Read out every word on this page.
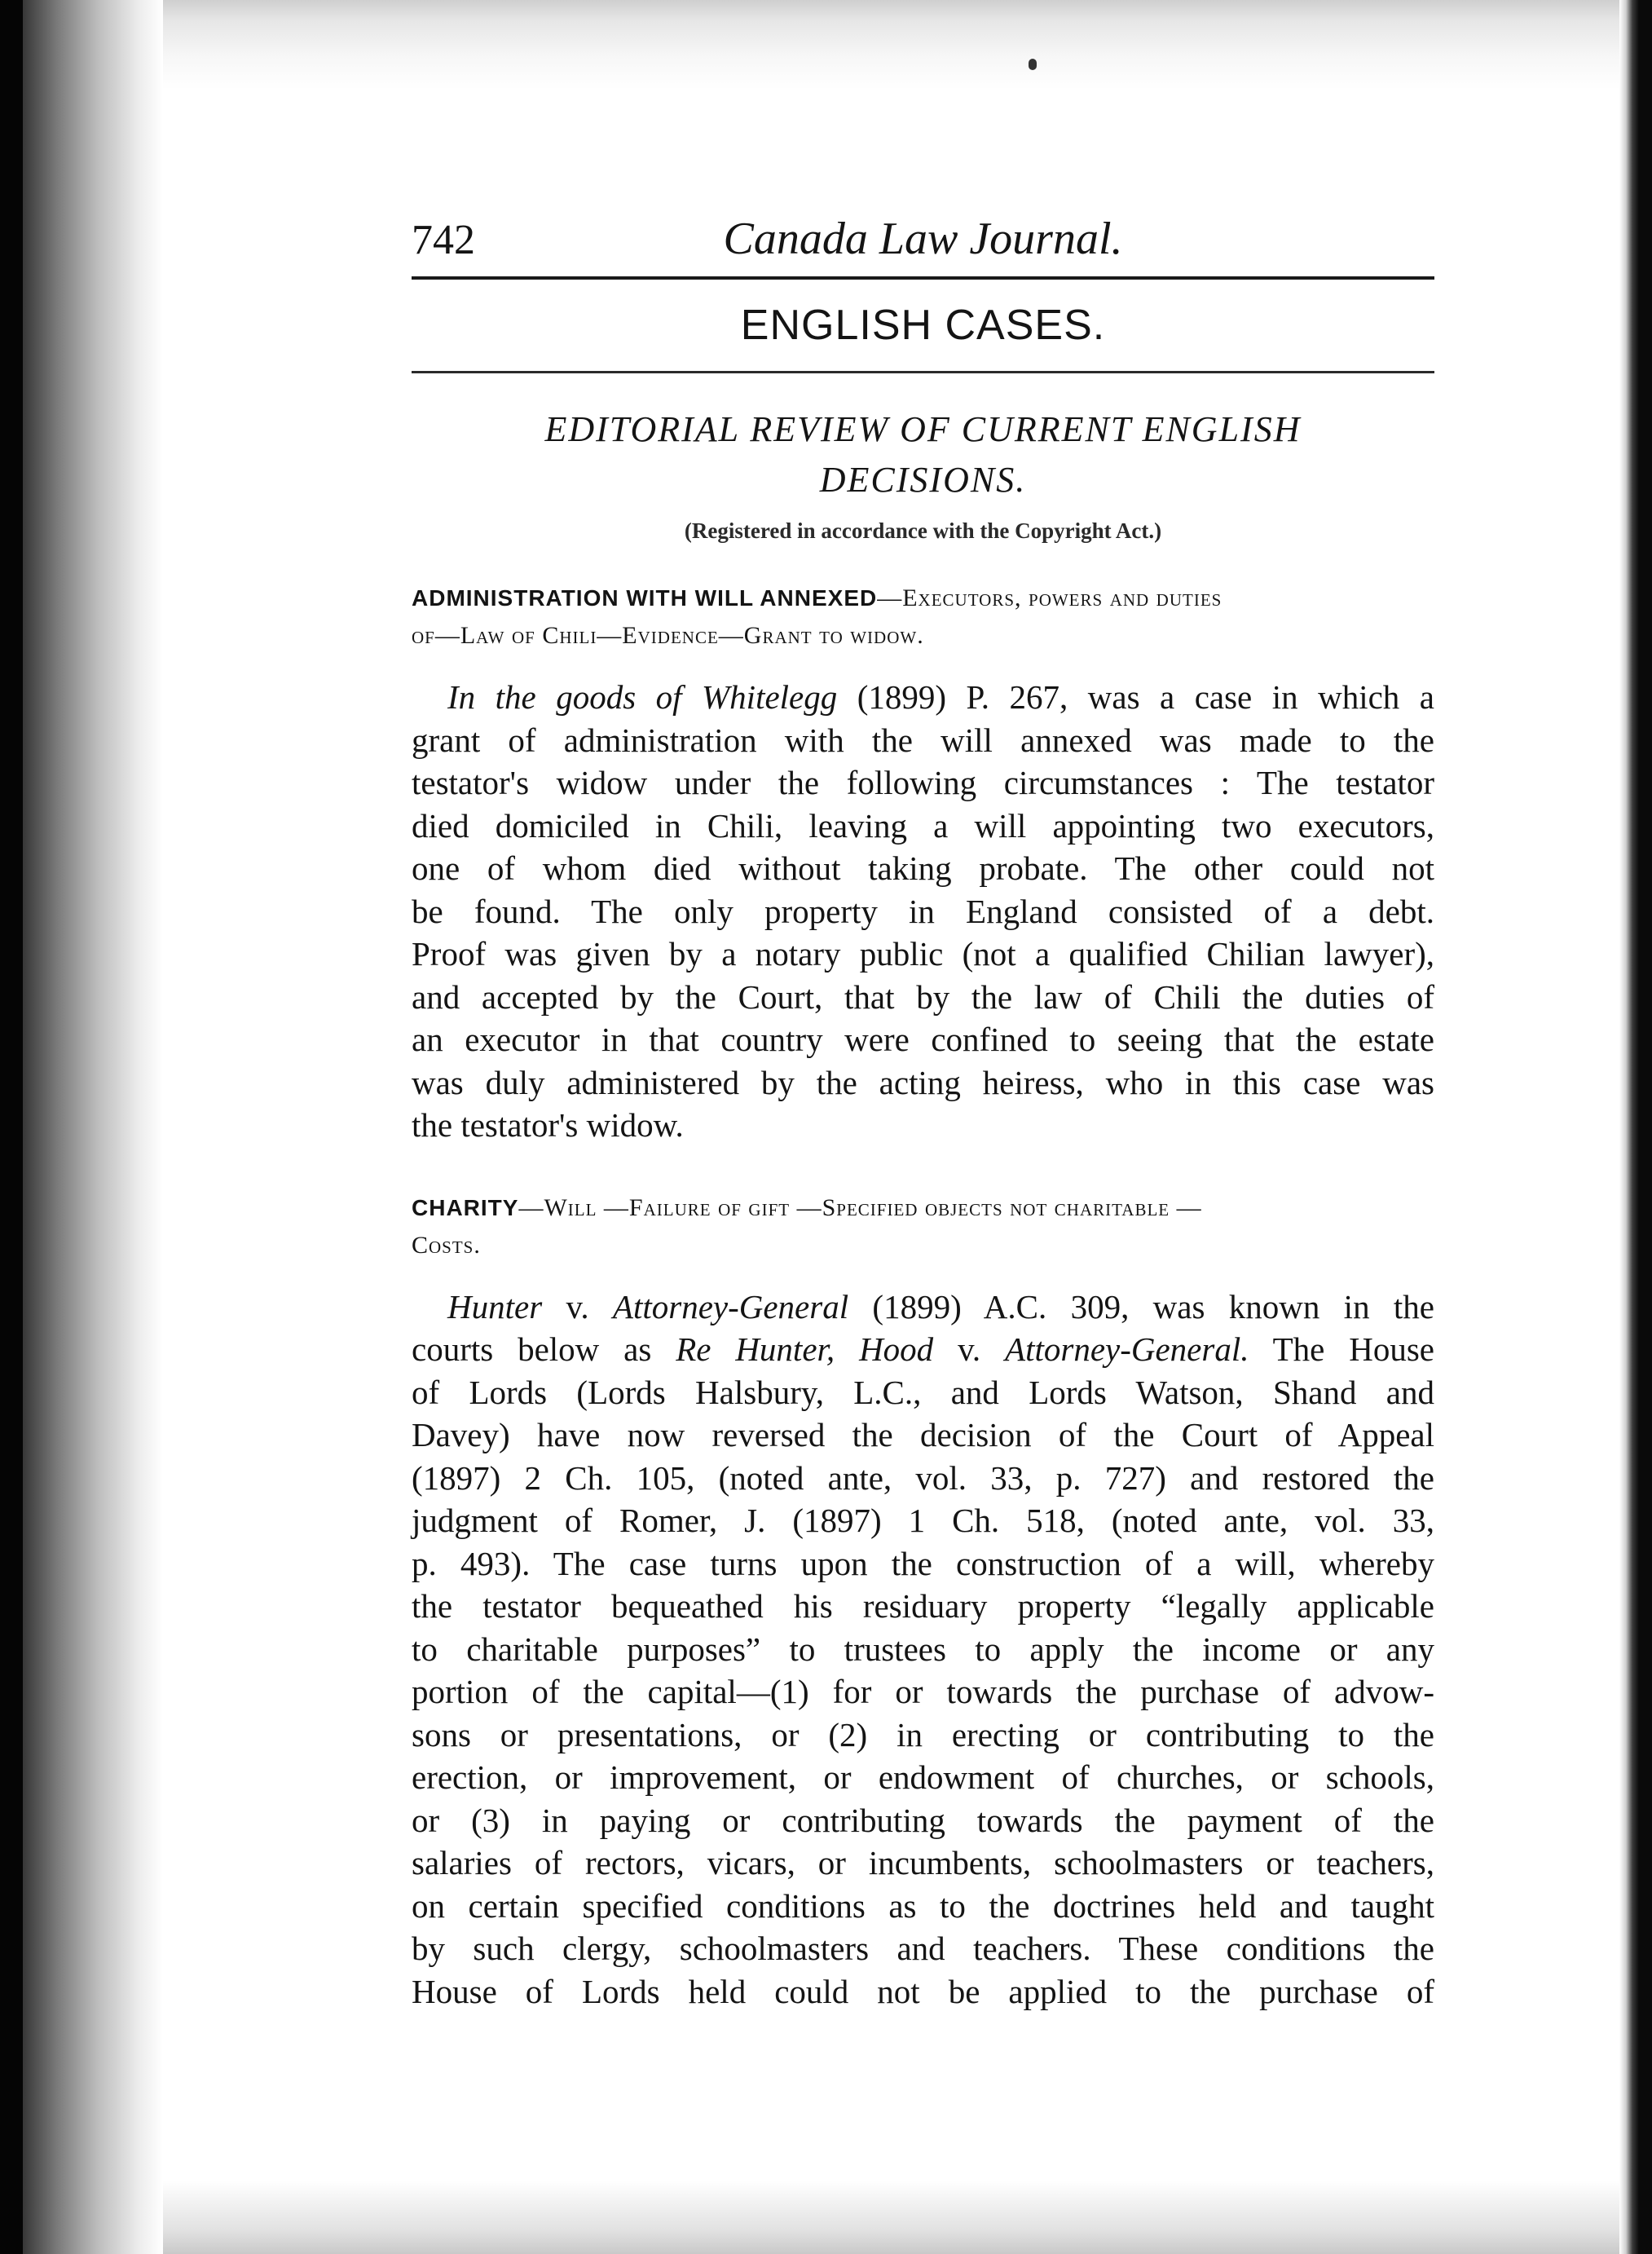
742	Canada Law Journal.
ENGLISH CASES.
EDITORIAL REVIEW OF CURRENT ENGLISH
DECISIONS.
(Registered in accordance with the Copyright Act.)
ADMINISTRATION WITH WILL ANNEXED—Executors, powers and duties
of—Law of Chili—Evidence—Grant to widow.
In the goods of Whitelegg (1899) P. 267, was a case in which a
grant of administration with the will annexed was made to the
testator's widow under the following circumstances : The testator
died domiciled in Chili, leaving a will appointing two executors,
one of whom died without taking probate. The other could not
be found. The only property in England consisted of a debt.
Proof was given by a notary public (not a qualified Chilian lawyer),
and accepted by the Court, that by the law of Chili the duties of
an executor in that country were confined to seeing that the estate
was duly administered by the acting heiress, who in this case was
the testator's widow.
CHARITY—Will —Failure of gift —Specified objects not charitable —
Costs.
Hunter v. Attorney-General (1899) A.C. 309, was known in the
courts below as Re Hunter, Hood v. Attorney-General. The House
of Lords (Lords Halsbury, L.C., and Lords Watson, Shand and
Davey) have now reversed the decision of the Court of Appeal
(1897) 2 Ch. 105, (noted ante, vol. 33, p. 727) and restored the
judgment of Romer, J. (1897) 1 Ch. 518, (noted ante, vol. 33,
p. 493). The case turns upon the construction of a will, whereby
the testator bequeathed his residuary property “legally applicable
to charitable purposes” to trustees to apply the income or any
portion of the capital—(1) for or towards the purchase of advow-
sons or presentations, or (2) in erecting or contributing to the
erection, or improvement, or endowment of churches, or schools,
or (3) in paying or contributing towards the payment of the
salaries of rectors, vicars, or incumbents, schoolmasters or teachers,
on certain specified conditions as to the doctrines held and taught
by such clergy, schoolmasters and teachers. These conditions the
House of Lords held could not be applied to the purchase of
